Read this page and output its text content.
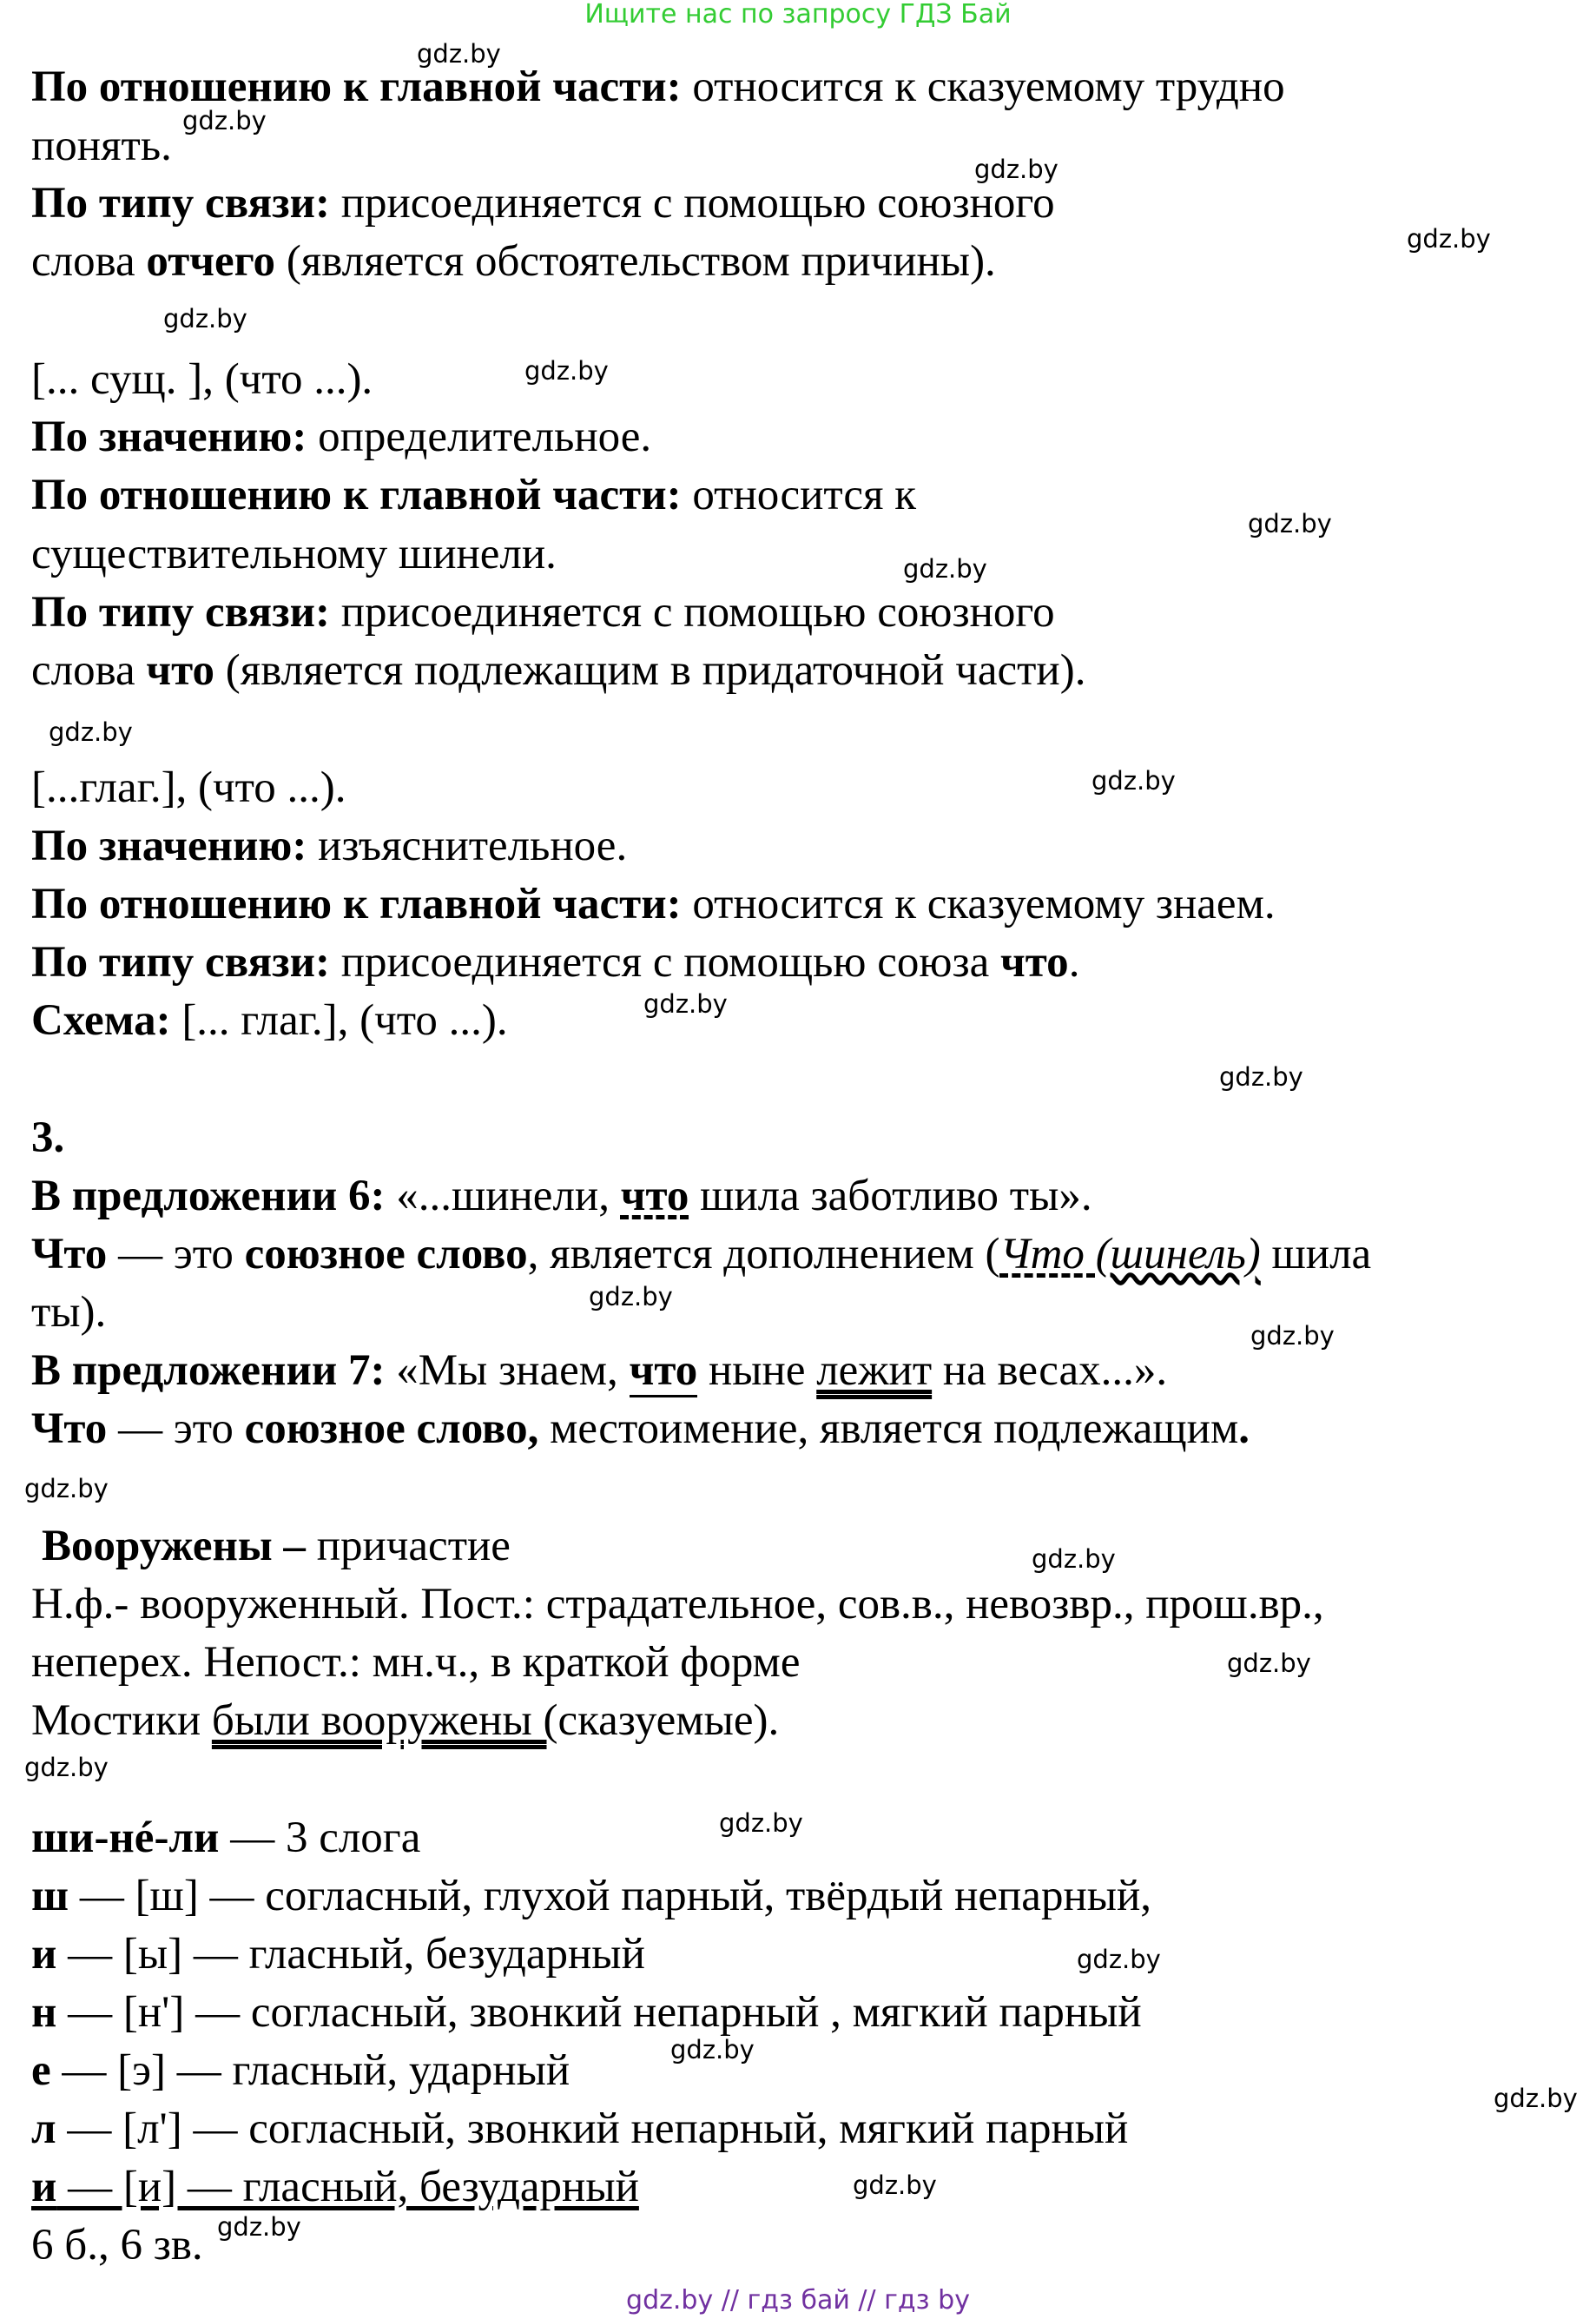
Ищите нас по запросу ГДЗ Бай
По отношению к главной части: относится к сказуемому трудно
понять.
По типу связи: присоединяется с помощью союзного
слова отчего (является обстоятельством причины).
[... сущ. ], (что ...).
По значению: определительное.
По отношению к главной части: относится к
существительному шинели.
По типу связи: присоединяется с помощью союзного
слова что (является подлежащим в придаточной части).
[...глаг.], (что ...).
По значению: изъяснительное.
По отношению к главной части: относится к сказуемому знаем.
По типу связи: присоединяется с помощью союза что.
Схема: [... глаг.], (что ...).
3.
В предложении 6: «...шинели, что шила заботливо ты».
Что — это союзное слово, является дополнением (Что (шинель) шила
ты).
В предложении 7: «Мы знаем, что ныне лежит на весах...».
Что — это союзное слово, местоимение, является подлежащим.
Вооружены – причастие
Н.ф.- вооруженный. Пост.: страдательное, сов.в., невозвр., прош.вр.,
неперех. Непост.: мн.ч., в краткой форме
Мостики были вооружены (сказуемые).
ши-нé-ли — 3 слога
ш — [ш] — согласный, глухой парный, твёрдый непарный,
и — [ы] — гласный, безударный
н — [н'] — согласный, звонкий непарный , мягкий парный
е — [э] — гласный, ударный
л — [л'] — согласный, звонкий непарный, мягкий парный
и — [и] — гласный, безударный
6 б., 6 зв.
gdz.by
gdz.by
gdz.by
gdz.by
gdz.by
gdz.by
gdz.by
gdz.by
gdz.by
gdz.by
gdz.by
gdz.by
gdz.by
gdz.by
gdz.by
gdz.by
gdz.by
gdz.by
gdz.by
gdz.by
gdz.by
gdz.by
gdz.by
gdz.by
gdz.by // гдз бай // гдз by
